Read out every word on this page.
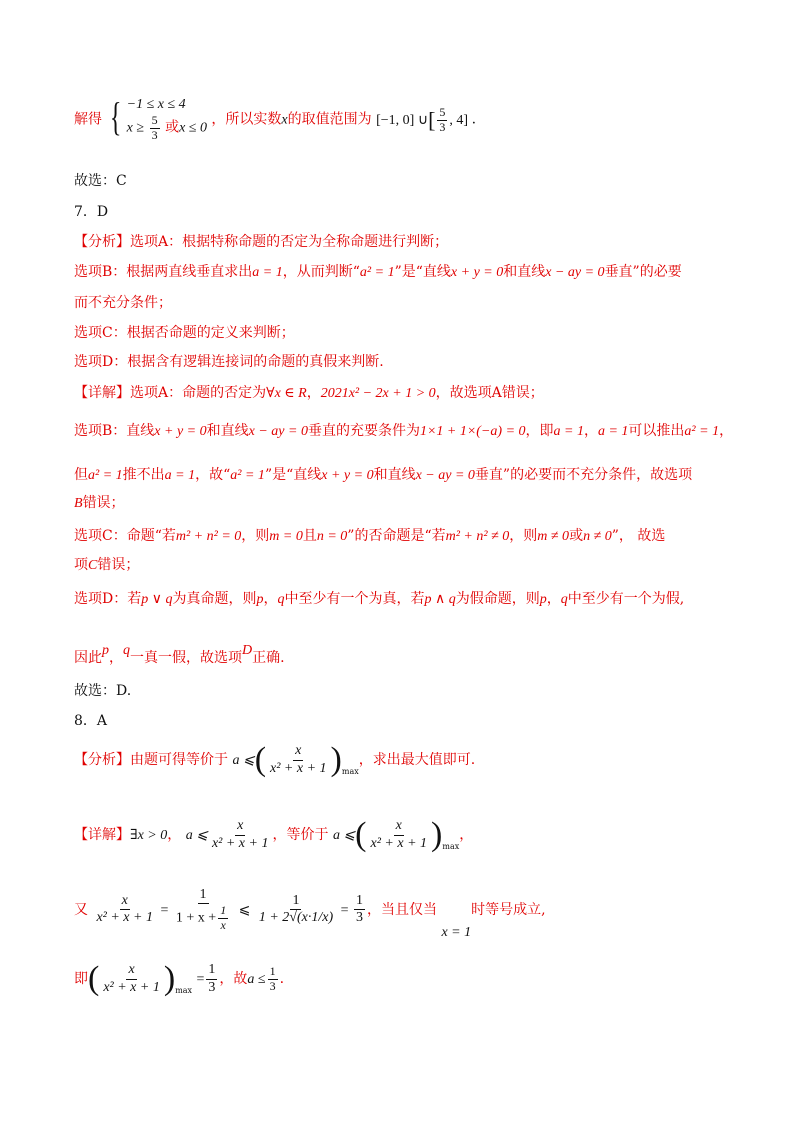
解得 { −1 ≤ x ≤ 4
$x \ge \frac{5}{3}$ 或x ≤ 0
，所以实数x的取值范围为 [−1, 0] ∪[ $\frac{5}{3}$ , 4] .
故选：C
7．D
【分析】选项A：根据特称命题的否定为全称命题进行判断；
选项B：根据两直线垂直求出a = 1，从而判断“a² = 1”是“直线x + y = 0和直线x − ay = 0垂直”的必要
而不充分条件；
选项C：根据否命题的定义来判断；
选项D：根据含有逻辑连接词的命题的真假来判断.
【详解】选项A：命题的否定为∀x ∈ R，2021x² − 2x + 1 > 0，故选项A错误；
选项B：直线x + y = 0和直线x − ay = 0垂直的充要条件为1×1 + 1×(−a) = 0，即a = 1，a = 1可以推出a² = 1，
但a² = 1推不出a = 1，故“a² = 1”是“直线x + y = 0和直线x − ay = 0垂直”的必要而不充分条件，故选项
B错误；
选项C：命题“若m² + n² = 0，则m = 0且n = 0”的否命题是“若m² + n² ≠ 0，则m ≠ 0或n ≠ 0”， 故选
项C错误；
选项D：若p ∨ q为真命题，则p，q中至少有一个为真，若p ∧ q为假命题，则p，q中至少有一个为假,
因此p，q一真一假，故选项D正确.
故选：D.
8．A
【分析】由题可得等价于 a ⩽( $\frac{x}{\text{x² + x + 1}} )_{max}$，求出最大值即可.
【详解】∃x > 0， a ⩽ $\frac{x}{\text{x² + x + 1}}$ ，等价于 a ⩽( $\frac{x}{\text{x² + x + 1}} )_{max}$，
又 $\frac{x}{\text{x² + x + 1}} = \frac{1}{1 + x + \frac{1}{x}}$ ⩽ $\frac{1}{1 + 2√(x\cdot 1/x)} = \frac{1}{3}$ ，当且仅当 x = 1时等号成立,
即( $\frac{x}{\text{x² + x + 1}} )_{max} = \frac{1}{3}$ ，故$a \le \frac{1}{3}$ .
